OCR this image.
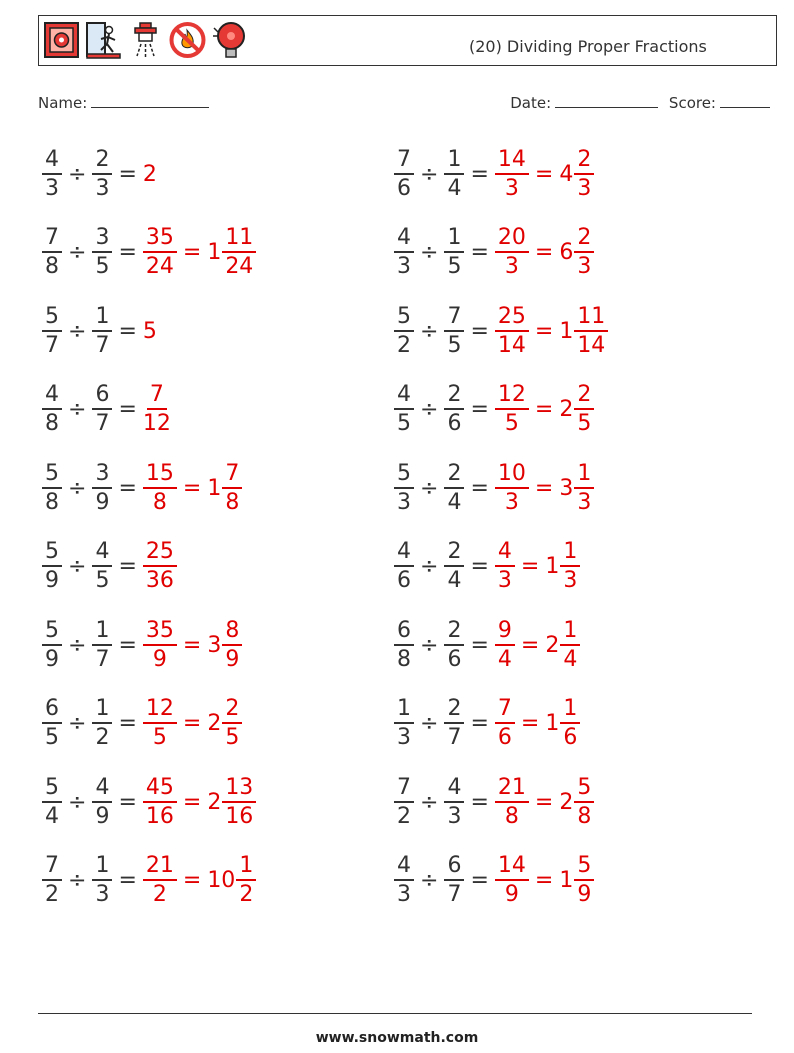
(20) Dividing Proper Fractions
Name:	Date:	Score:
$\frac{4}{3} \div \frac{2}{3} = 2$	$\frac{7}{6} \div \frac{1}{4} = \frac{14}{3} = 4 \frac{2}{3}$
$\frac{7}{8} \div \frac{3}{5} = \frac{35}{24} = 1 \frac{11}{24}$	$\frac{4}{3} \div \frac{1}{5} = \frac{20}{3} = 6 \frac{2}{3}$
$\frac{5}{7} \div \frac{1}{7} = 5$	$\frac{5}{2} \div \frac{7}{5} = \frac{25}{14} = 1 \frac{11}{14}$
$\frac{4}{8} \div \frac{6}{7} = \frac{7}{12}$	$\frac{4}{5} \div \frac{2}{6} = \frac{12}{5} = 2 \frac{2}{5}$
$\frac{5}{8} \div \frac{3}{9} = \frac{15}{8} = 1 \frac{7}{8}$	$\frac{5}{3} \div \frac{2}{4} = \frac{10}{3} = 3 \frac{1}{3}$
$\frac{5}{9} \div \frac{4}{5} = \frac{25}{36}$	$\frac{4}{6} \div \frac{2}{4} = \frac{4}{3} = 1 \frac{1}{3}$
$\frac{5}{9} \div \frac{1}{7} = \frac{35}{9} = 3 \frac{8}{9}$	$\frac{6}{8} \div \frac{2}{6} = \frac{9}{4} = 2 \frac{1}{4}$
$\frac{6}{5} \div \frac{1}{2} = \frac{12}{5} = 2 \frac{2}{5}$	$\frac{1}{3} \div \frac{2}{7} = \frac{7}{6} = 1 \frac{1}{6}$
$\frac{5}{4} \div \frac{4}{9} = \frac{45}{16} = 2 \frac{13}{16}$	$\frac{7}{2} \div \frac{4}{3} = \frac{21}{8} = 2 \frac{5}{8}$
$\frac{7}{2} \div \frac{1}{3} = \frac{21}{2} = 10 \frac{1}{2}$	$\frac{4}{3} \div \frac{6}{7} = \frac{14}{9} = 1 \frac{5}{9}$
www.snowmath.com
